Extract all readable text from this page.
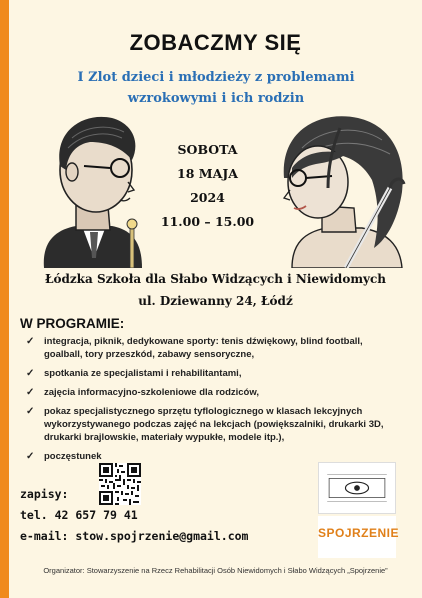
ZOBACZMY SIĘ
I Zlot dzieci i młodzieży z problemami
wzrokowymi i ich rodzin
SOBOTA
18 MAJA
2024
11.00 – 15.00
Łódzka Szkoła dla Słabo Widzących i Niewidomych
ul. Dziewanny 24, Łódź
W PROGRAMIE:
✓ integracja, piknik, dedykowane sporty: tenis dźwiękowy, blind football, goalball, tory przeszkód, zabawy sensoryczne,
✓ spotkania ze specjalistami i rehabilitantami,
✓ zajęcia informacyjno-szkoleniowe dla rodziców,
✓ pokaz specjalistycznego sprzętu tyflologicznego w klasach lekcyjnych wykorzystywanego podczas zajęć na lekcjach (powiększalniki, drukarki 3D, drukarki brajlowskie, materiały wypukłe, modele itp.),
✓ poczęstunek
zapisy:
tel. 42 657 79 41
e-mail: stow.spojrzenie@gmail.com	SPOJRZENIE
Organizator: Stowarzyszenie na Rzecz Rehabilitacji Osób Niewidomych i Słabo Widzących „Spojrzenie”
